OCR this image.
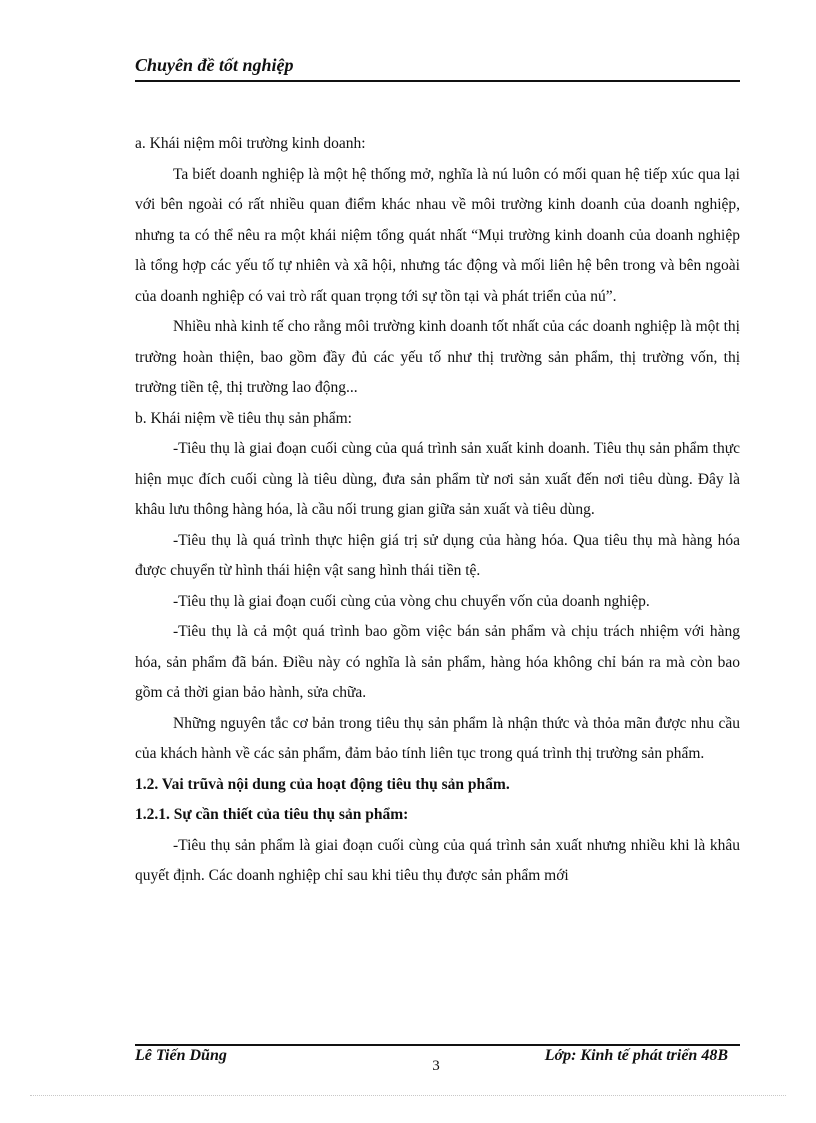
Chuyên đề tốt nghiệp

a. Khái niệm môi trường kinh doanh:

Ta biết doanh nghiệp là một hệ thống mở, nghĩa là nú luôn có mối quan hệ tiếp xúc qua lại với bên ngoài có rất nhiều quan điểm khác nhau về môi trường kinh doanh của doanh nghiệp, nhưng ta có thể nêu ra một khái niệm tổng quát nhất “Mụi trường kinh doanh của doanh nghiệp là tổng hợp các yếu tố tự nhiên và xã hội, nhưng tác động và mối liên hệ bên trong và bên ngoài của doanh nghiệp có vai trò rất quan trọng tới sự tồn tại và phát triển của nú”.

Nhiều nhà kinh tế cho rằng môi trường kinh doanh tốt nhất của các doanh nghiệp là một thị trường hoàn thiện, bao gồm đầy đủ các yếu tố như thị trường sản phẩm, thị trường vốn, thị trường tiền tệ, thị trường lao động...

b. Khái niệm về tiêu thụ sản phẩm:

-Tiêu thụ là giai đoạn cuối cùng của quá trình sản xuất kinh doanh. Tiêu thụ sản phẩm thực hiện mục đích cuối cùng là tiêu dùng, đưa sản phẩm từ nơi sản xuất đến nơi tiêu dùng. Đây là khâu lưu thông hàng hóa, là cầu nối trung gian giữa sản xuất và tiêu dùng.

-Tiêu thụ là quá trình thực hiện giá trị sử dụng của hàng hóa. Qua tiêu thụ mà hàng hóa được chuyển từ hình thái hiện vật sang hình thái tiền tệ.

-Tiêu thụ là giai đoạn cuối cùng của vòng chu chuyển vốn của doanh nghiệp.

-Tiêu thụ là cả một quá trình bao gồm việc bán sản phẩm và chịu trách nhiệm với hàng hóa, sản phẩm đã bán. Điều này có nghĩa là sản phẩm, hàng hóa không chỉ bán ra mà còn bao gồm cả thời gian bảo hành, sửa chữa.

Những nguyên tắc cơ bản trong tiêu thụ sản phẩm là nhận thức và thỏa mãn được nhu cầu của khách hành về các sản phẩm, đảm bảo tính liên tục trong quá trình thị trường sản phẩm.

1.2. Vai trũvà nội dung của hoạt động tiêu thụ sản phẩm.

1.2.1. Sự cần thiết của tiêu thụ sản phẩm:

-Tiêu thụ sản phẩm là giai đoạn cuối cùng của quá trình sản xuất nhưng nhiều khi là khâu quyết định. Các doanh nghiệp chỉ sau khi tiêu thụ được sản phẩm mới

Lê Tiến Dũng	Lớp: Kinh tế phát triển 48B
3
